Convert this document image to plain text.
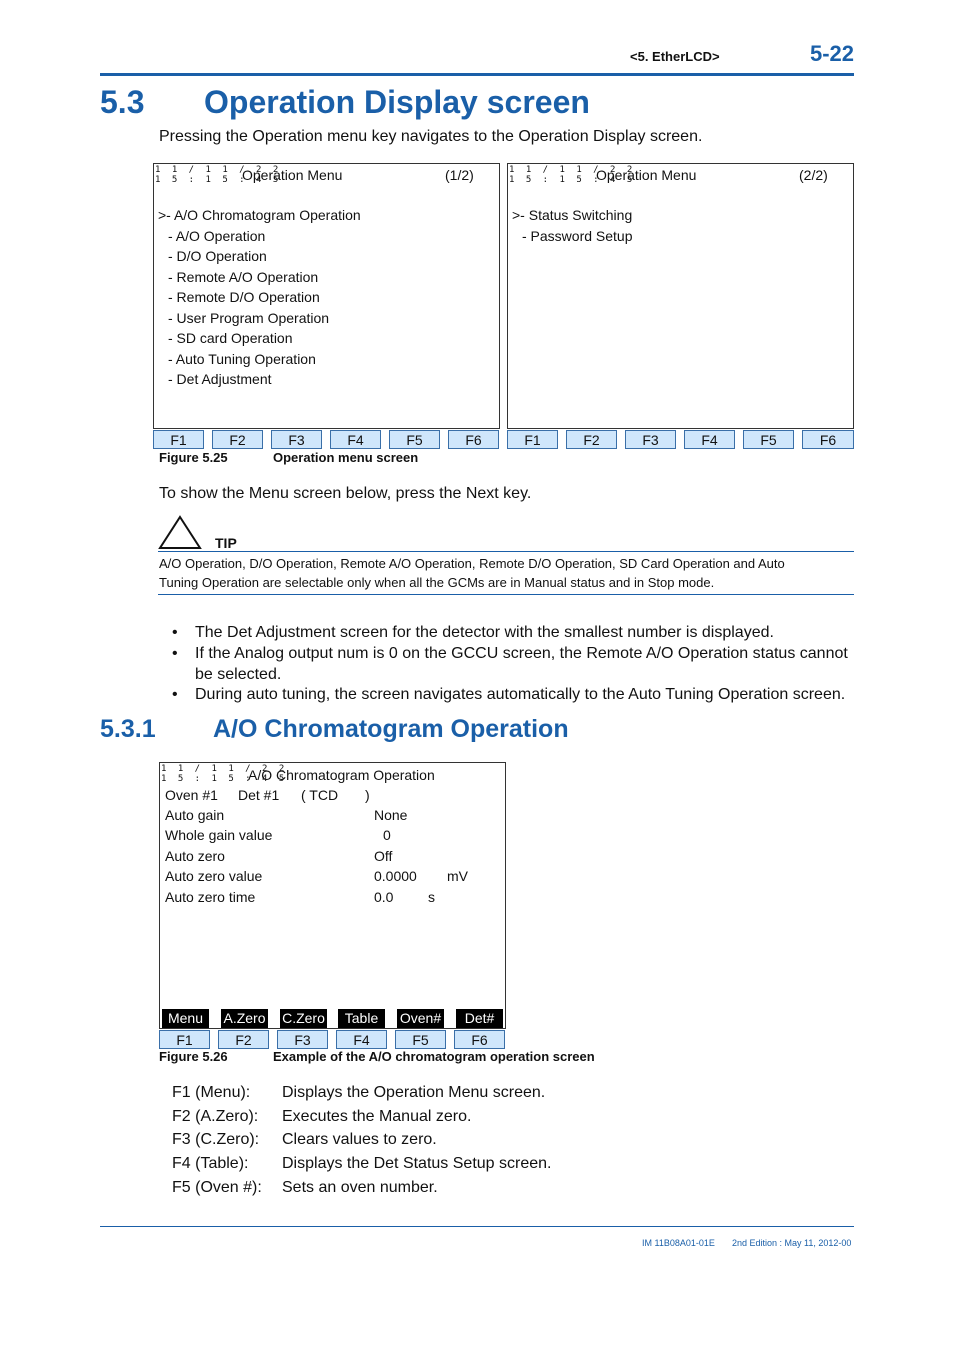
<5. EtherLCD>	5-22
5.3 Operation Display screen
Pressing the Operation menu key navigates to the Operation Display screen.
1 1 / 1 1 / 2 2
1 5 : 1 5 : 4 5
Operation Menu	(1/2)
>- A/O Chromatogram Operation
- A/O Operation
- D/O Operation
- Remote A/O Operation
- Remote D/O Operation
- User Program Operation
- SD card Operation
- Auto Tuning Operation
- Det Adjustment
F1	F2	F3	F4	F5	F6
1 1 / 1 1 / 2 2
1 5 : 1 5 : 4 5
Operation Menu	(2/2)
>- Status Switching
- Password Setup
F1	F2	F3	F4	F5	F6
Figure 5.25	Operation menu screen
To show the Menu screen below, press the Next key.
TIP
A/O Operation, D/O Operation, Remote A/O Operation, Remote D/O Operation, SD Card Operation and Auto
Tuning Operation are selectable only when all the GCMs are in Manual status and in Stop mode.
• The Det Adjustment screen for the detector with the smallest number is displayed.
• If the Analog output num is 0 on the GCCU screen, the Remote A/O Operation status cannot
be selected.
• During auto tuning, the screen navigates automatically to the Auto Tuning Operation screen.
5.3.1 A/O Chromatogram Operation
1 1 / 1 1 / 2 2
1 5 : 1 5 : 4 5
A/O Chromatogram Operation
Oven #1 Det #1 ( TCD )
Auto gain	None
Whole gain value	0
Auto zero	Off
Auto zero value	0.0000 mV
Auto zero time	0.0 s
Menu	A.Zero C.Zero	Table	Oven#	Det#
F1	F2	F3	F4	F5	F6
Figure 5.26	Example of the A/O chromatogram operation screen
F1 (Menu): Displays the Operation Menu screen.
F2 (A.Zero): Executes the Manual zero.
F3 (C.Zero): Clears values to zero.
F4 (Table): Displays the Det Status Setup screen.
F5 (Oven #): Sets an oven number.
IM 11B08A01-01E 2nd Edition : May 11, 2012-00
